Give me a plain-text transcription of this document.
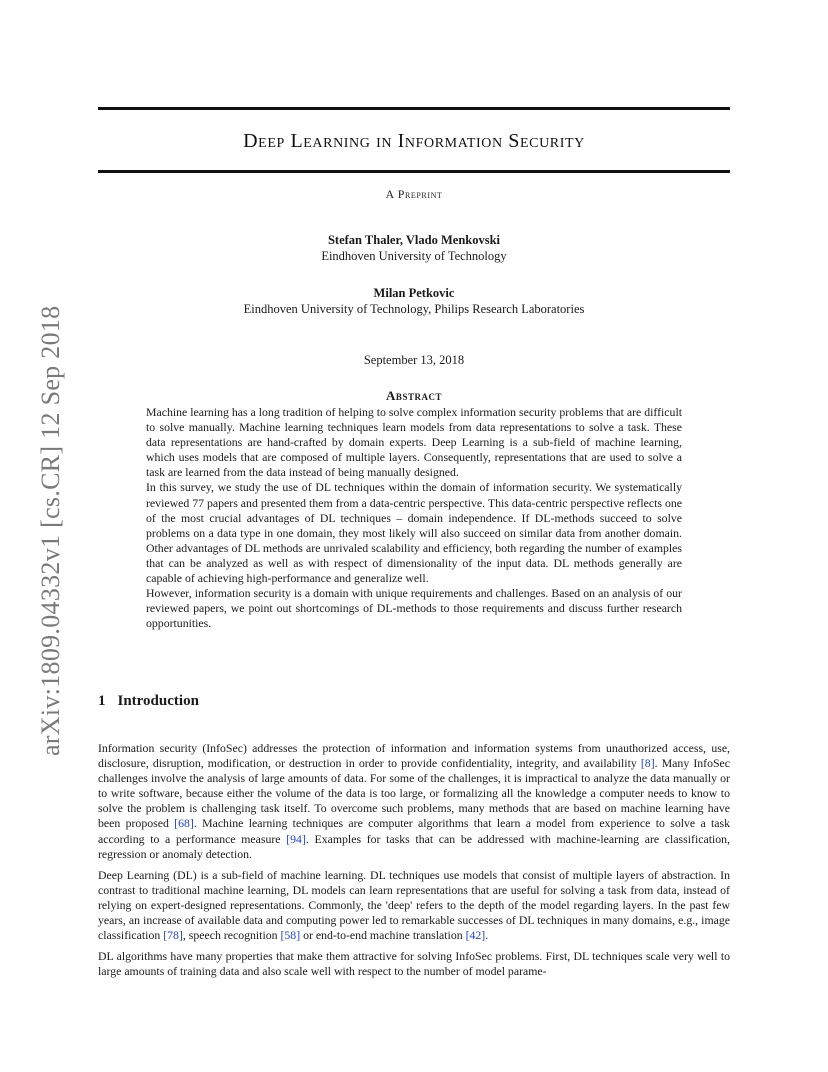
arXiv:1809.04332v1 [cs.CR] 12 Sep 2018
Deep Learning in Information Security
A Preprint
Stefan Thaler, Vlado Menkovski
Eindhoven University of Technology
Milan Petkovic
Eindhoven University of Technology, Philips Research Laboratories
September 13, 2018
Abstract

Machine learning has a long tradition of helping to solve complex information security problems that are difficult to solve manually. Machine learning techniques learn models from data representations to solve a task. These data representations are hand-crafted by domain experts. Deep Learning is a sub-field of machine learning, which uses models that are composed of multiple layers. Consequently, representations that are used to solve a task are learned from the data instead of being manually designed.

In this survey, we study the use of DL techniques within the domain of information security. We systematically reviewed 77 papers and presented them from a data-centric perspective. This data-centric perspective reflects one of the most crucial advantages of DL techniques – domain independence. If DL-methods succeed to solve problems on a data type in one domain, they most likely will also succeed on similar data from another domain. Other advantages of DL methods are unrivaled scalability and efficiency, both regarding the number of examples that can be analyzed as well as with respect of dimensionality of the input data. DL methods generally are capable of achieving high-performance and generalize well.

However, information security is a domain with unique requirements and challenges. Based on an analysis of our reviewed papers, we point out shortcomings of DL-methods to those requirements and discuss further research opportunities.

1 Introduction

Information security (InfoSec) addresses the protection of information and information systems from unauthorized access, use, disclosure, disruption, modification, or destruction in order to provide confidentiality, integrity, and availability [8]. Many InfoSec challenges involve the analysis of large amounts of data. For some of the challenges, it is impractical to analyze the data manually or to write software, because either the volume of the data is too large, or formalizing all the knowledge a computer needs to know to solve the problem is challenging task itself. To overcome such problems, many methods that are based on machine learning have been proposed [68]. Machine learning techniques are computer algorithms that learn a model from experience to solve a task according to a performance measure [94]. Examples for tasks that can be addressed with machine-learning are classification, regression or anomaly detection.

Deep Learning (DL) is a sub-field of machine learning. DL techniques use models that consist of multiple layers of abstraction. In contrast to traditional machine learning, DL models can learn representations that are useful for solving a task from data, instead of relying on expert-designed representations. Commonly, the 'deep' refers to the depth of the model regarding layers. In the past few years, an increase of available data and computing power led to remarkable successes of DL techniques in many domains, e.g., image classification [78], speech recognition [58] or end-to-end machine translation [42].

DL algorithms have many properties that make them attractive for solving InfoSec problems. First, DL techniques scale very well to large amounts of training data and also scale well with respect to the number of model parame-
